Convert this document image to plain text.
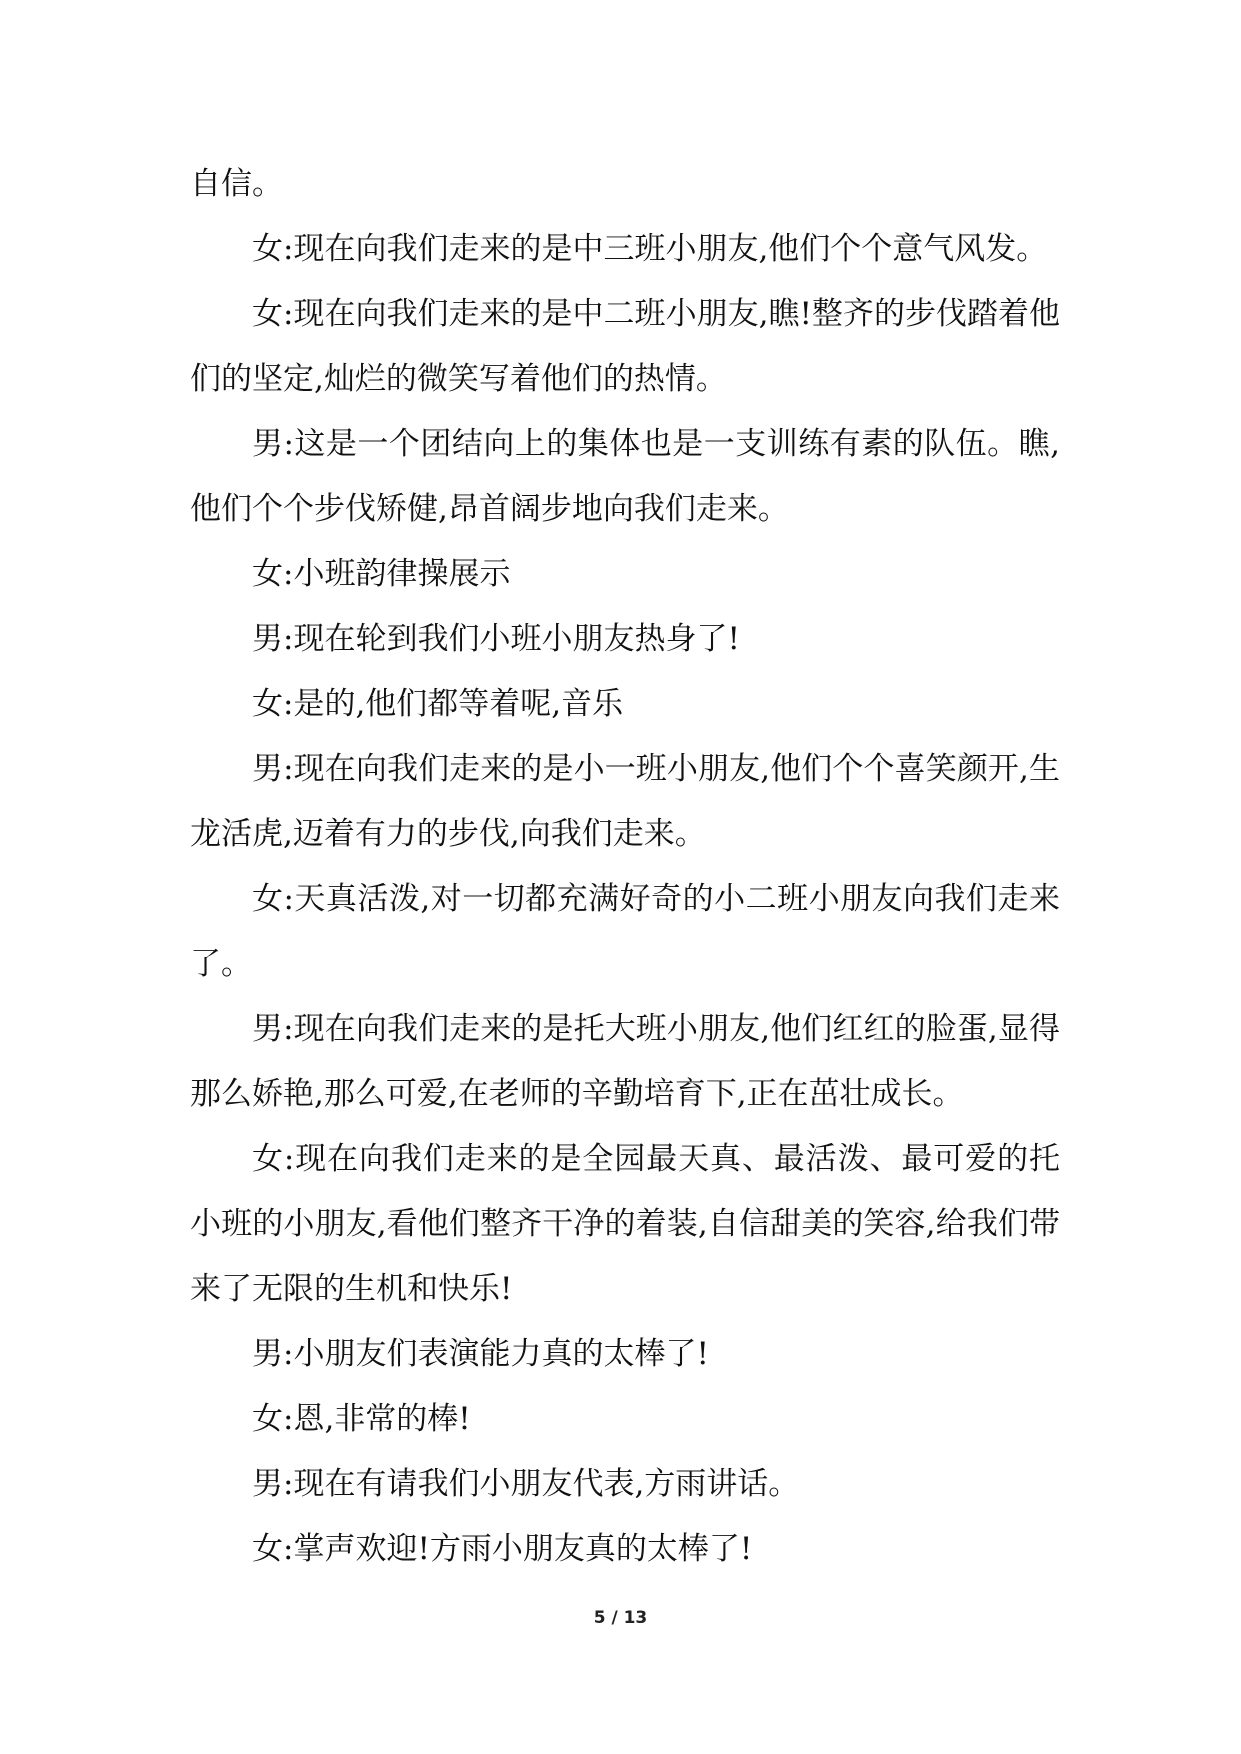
自信。

女:现在向我们走来的是中三班小朋友,他们个个意气风发。

女:现在向我们走来的是中二班小朋友,瞧!整齐的步伐踏着他们的坚定,灿烂的微笑写着他们的热情。

男:这是一个团结向上的集体也是一支训练有素的队伍。瞧,他们个个步伐矫健,昂首阔步地向我们走来。

女:小班韵律操展示

男:现在轮到我们小班小朋友热身了!

女:是的,他们都等着呢,音乐

男:现在向我们走来的是小一班小朋友,他们个个喜笑颜开,生龙活虎,迈着有力的步伐,向我们走来。

女:天真活泼,对一切都充满好奇的小二班小朋友向我们走来了。

男:现在向我们走来的是托大班小朋友,他们红红的脸蛋,显得那么娇艳,那么可爱,在老师的辛勤培育下,正在茁壮成长。

女:现在向我们走来的是全园最天真、最活泼、最可爱的托小班的小朋友,看他们整齐干净的着装,自信甜美的笑容,给我们带来了无限的生机和快乐!

男:小朋友们表演能力真的太棒了!

女:恩,非常的棒!

男:现在有请我们小朋友代表,方雨讲话。

女:掌声欢迎!方雨小朋友真的太棒了!

5 / 13
